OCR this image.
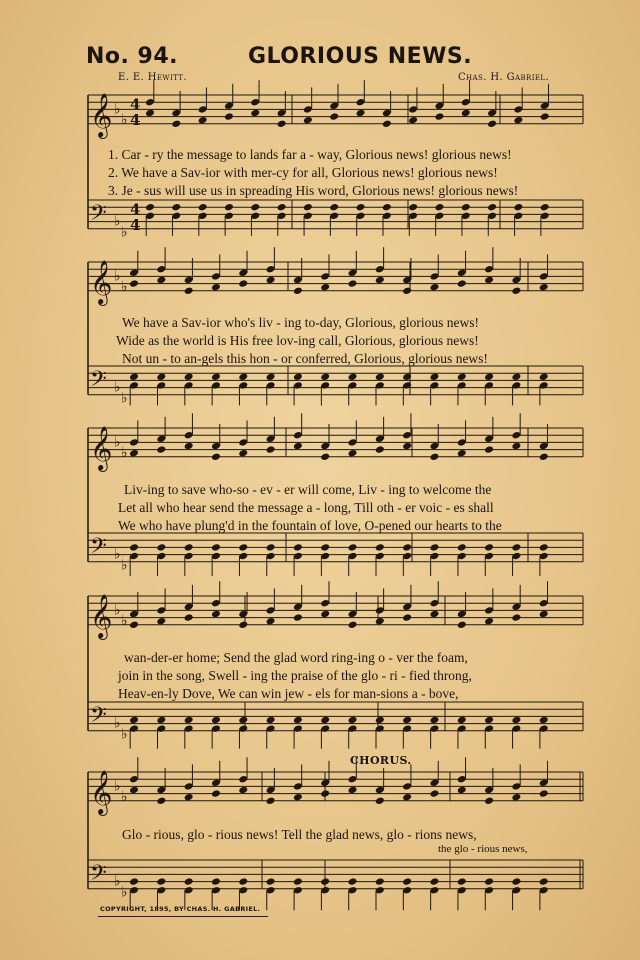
No. 94.	GLORIOUS NEWS.
E. E. Hewitt.	Chas. H. Gabriel.
𝄞 ♭
♭
4
4
𝄢 ♭
♭
4
4
𝄞 ♭
♭
𝄢 ♭
♭
𝄞 ♭
♭
𝄢 ♭
♭
𝄞 ♭
♭
𝄢 ♭
♭
𝄞 ♭
♭
𝄢 ♭
♭
1. Car - ry the message to lands far a - way, Glorious news! glorious news!
2. We have a Sav-ior with mer-cy for all, Glorious news! glorious news!
3. Je - sus will use us in spreading His word, Glorious news! glorious news!
We have a Sav-ior who's liv - ing to-day, Glorious, glorious news!
Wide as the world is His free lov-ing call, Glorious, glorious news!
Not un - to an-gels this hon - or conferred, Glorious, glorious news!
Liv-ing to save who-so - ev - er will come, Liv - ing to welcome the
Let all who hear send the message a - long, Till oth - er voic - es shall
We who have plung'd in the fountain of love, O-pened our hearts to the
wan-der-er home; Send the glad word ring-ing o - ver the foam,
join in the song, Swell - ing the praise of the glo - ri - fied throng,
Heav-en-ly Dove, We can win jew - els for man-sions a - bove,
CHORUS.
Glo - rious, glo - rious news! Tell the glad news, glo - rions news,
the glo - rious news,
COPYRIGHT, 1895, BY CHAS. H. GABRIEL.
